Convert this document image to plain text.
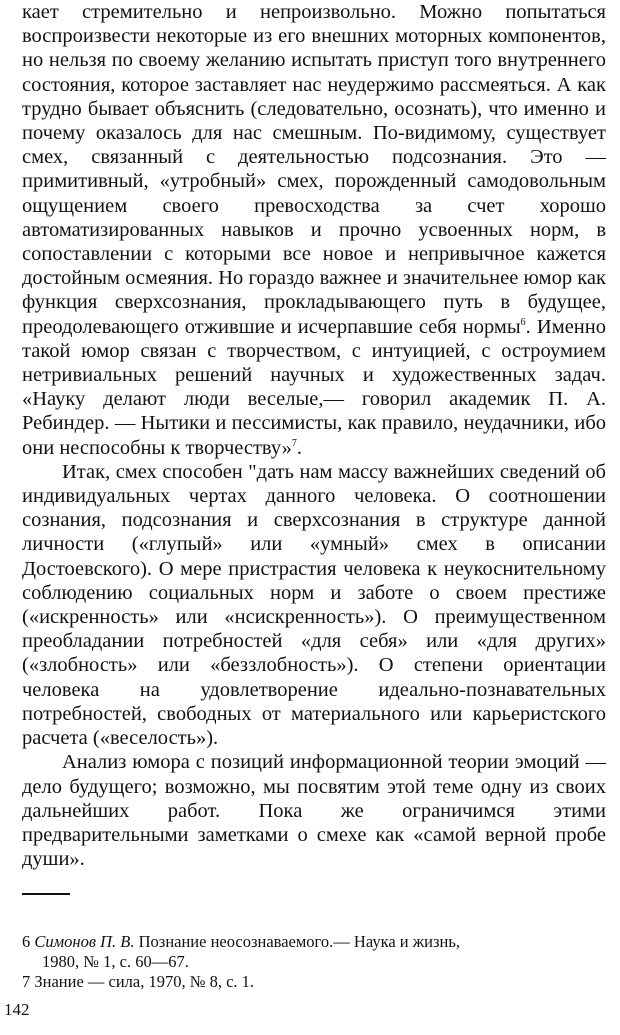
кает стремительно и непроизвольно. Можно попытаться воспроизвести некоторые из его внешних моторных компонентов, но нельзя по своему желанию испытать приступ того внутреннего состояния, которое заставляет нас неудержимо рассмеяться. А как трудно бывает объяснить (следовательно, осознать), что именно и почему оказалось для нас смешным. По-видимому, существует смех, связанный с деятельностью подсознания. Это — примитивный, «утробный» смех, порожденный самодовольным ощущением своего превосходства за счет хорошо автоматизированных навыков и прочно усвоенных норм, в сопоставлении с которыми все новое и непривычное кажется достойным осмеяния. Но гораздо важнее и значительнее юмор как функция сверхсознания, прокладывающего путь в будущее, преодолевающего отжившие и исчерпавшие себя нормы$^6$. Именно такой юмор связан с творчеством, с интуицией, с остроумием нетривиальных решений научных и художественных задач. «Науку делают люди веселые,— говорил академик П. А. Ребиндер. — Нытики и пессимисты, как правило, неудачники, ибо они неспособны к творчеству»$^7$.

Итак, смех способен "дать нам массу важнейших сведений об индивидуальных чертах данного человека. О соотношении сознания, подсознания и сверхсознания в структуре данной личности («глупый» или «умный» смех в описании Достоевского). О мере пристрастия человека к неукоснительному соблюдению социальных норм и заботе о своем престиже («искренность» или «нсискренность»). О преимущественном преобладании потребностей «для себя» или «для других» («злобность» или «беззлобность»). О степени ориентации человека на удовлетворение идеально-познавательных потребностей, свободных от материального или карьеристского расчета («веселость»).

Анализ юмора с позиций информационной теории эмоций — дело будущего; возможно, мы посвятим этой теме одну из своих дальнейших работ. Пока же ограничимся этими предварительными заметками о смехе как «самой верной пробе души».

6 Симонов П. В. Познание неосознаваемого.— Наука и жизнь,

1980, № 1, с. 60—67.

7 Знание — сила, 1970, № 8, с. 1.

142
